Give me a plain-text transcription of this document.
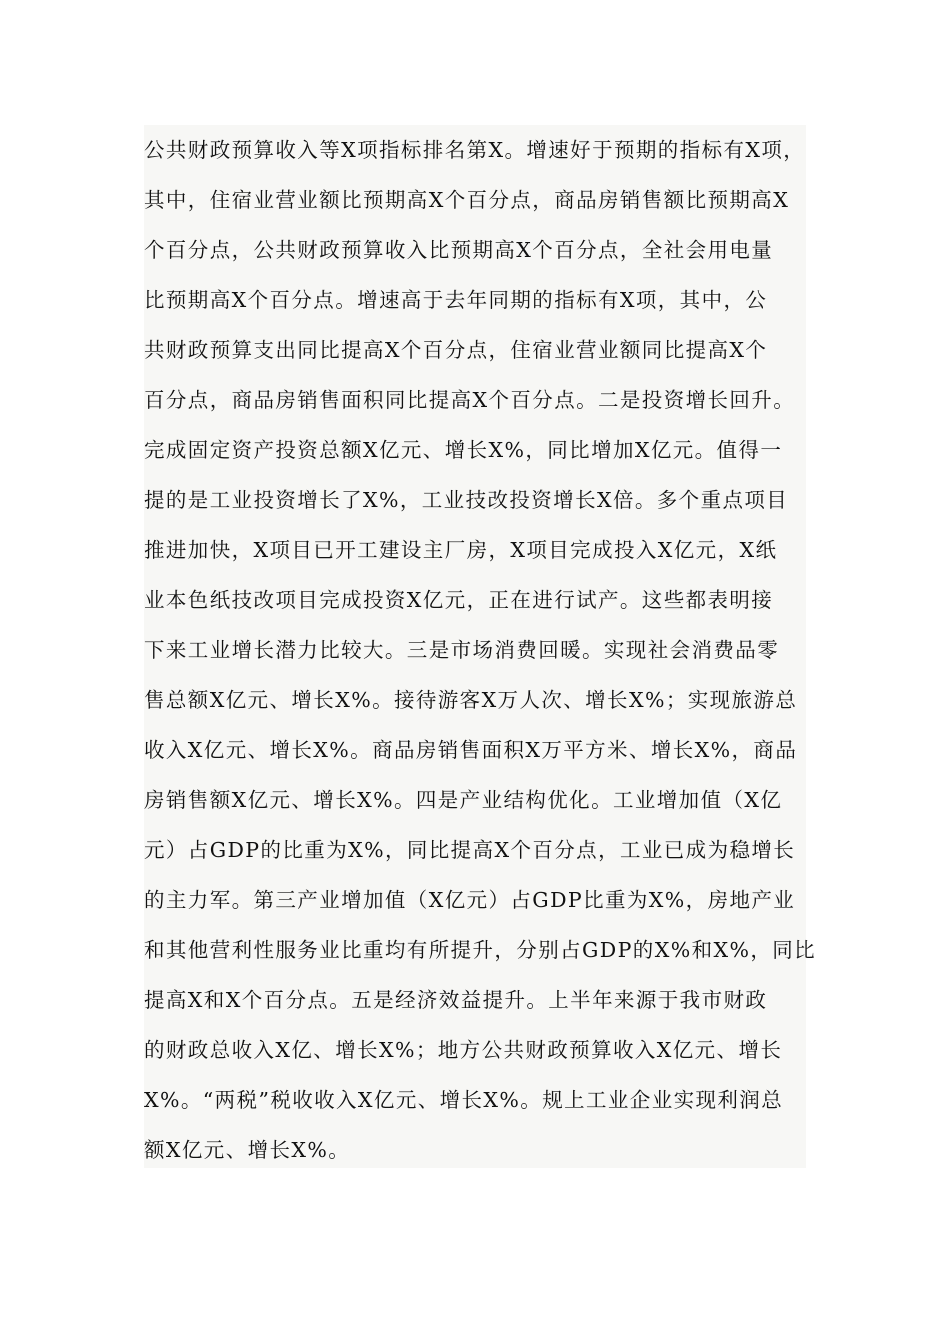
公共财政预算收入等X项指标排名第X。增速好于预期的指标有X项，
其中，住宿业营业额比预期高X个百分点，商品房销售额比预期高X
个百分点，公共财政预算收入比预期高X个百分点，全社会用电量
比预期高X个百分点。增速高于去年同期的指标有X项，其中，公
共财政预算支出同比提高X个百分点，住宿业营业额同比提高X个
百分点，商品房销售面积同比提高X个百分点。二是投资增长回升。
完成固定资产投资总额X亿元、增长X%，同比增加X亿元。值得一
提的是工业投资增长了X%，工业技改投资增长X倍。多个重点项目
推进加快，X项目已开工建设主厂房，X项目完成投入X亿元，X纸
业本色纸技改项目完成投资X亿元，正在进行试产。这些都表明接
下来工业增长潜力比较大。三是市场消费回暖。实现社会消费品零
售总额X亿元、增长X%。接待游客X万人次、增长X%；实现旅游总
收入X亿元、增长X%。商品房销售面积X万平方米、增长X%，商品
房销售额X亿元、增长X%。四是产业结构优化。工业增加值（X亿
元）占GDP的比重为X%，同比提高X个百分点，工业已成为稳增长
的主力军。第三产业增加值（X亿元）占GDP比重为X%，房地产业
和其他营利性服务业比重均有所提升，分别占GDP的X%和X%，同比
提高X和X个百分点。五是经济效益提升。上半年来源于我市财政
的财政总收入X亿、增长X%；地方公共财政预算收入X亿元、增长
X%。“两税”税收收入X亿元、增长X%。规上工业企业实现利润总
额X亿元、增长X%。
